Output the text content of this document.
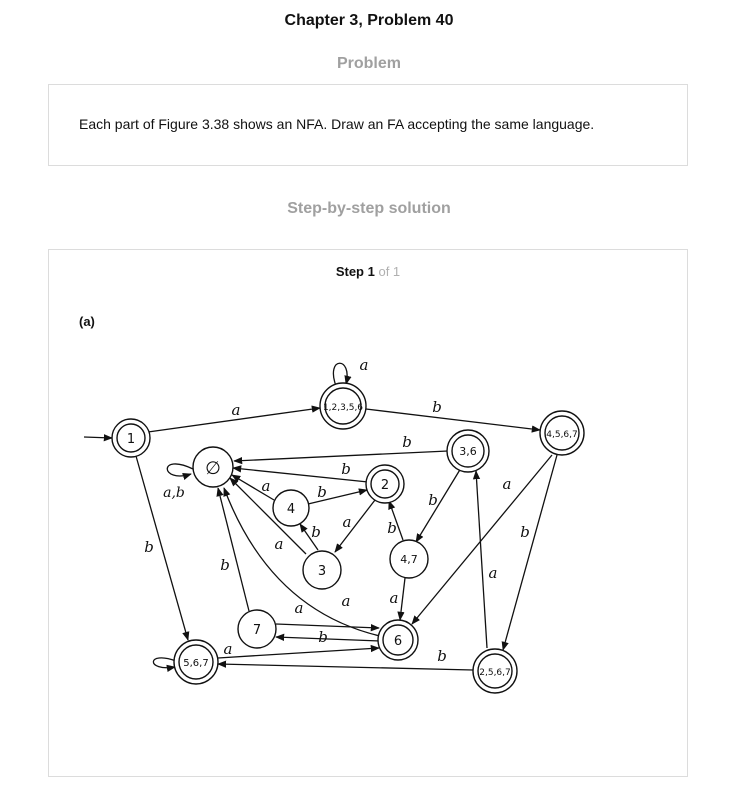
Chapter 3, Problem 40
Problem
Each part of Figure 3.38 shows an NFA. Draw an FA accepting the same language.
Step-by-step solution
Step 1 of 1
(a)
1
1,2,3,5,6
4,5,6,7
3,6
∅
2
4
3
4,7
7
6
5,6,7
2,5,6,7
a	b
a
b
a,b
b
b
a
a
b
a
b	b
b
a
b
a	a
b
a
a
b
a
b
